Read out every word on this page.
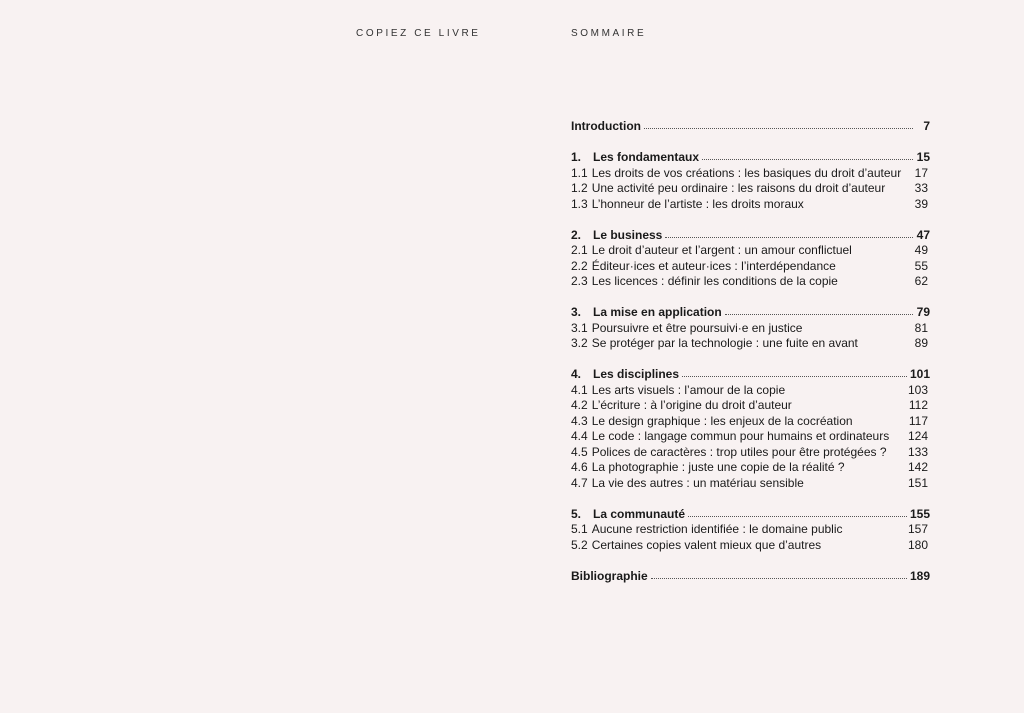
COPIEZ CE LIVRE	SOMMAIRE
Introduction	7
1. Les fondamentaux	15
1.1 Les droits de vos créations : les basiques du droit d’auteur 17
1.2 Une activité peu ordinaire : les raisons du droit d’auteur 33
1.3 L’honneur de l’artiste : les droits moraux	39
2. Le business	47
2.1 Le droit d’auteur et l’argent : un amour conflictuel	49
2.2 Éditeur·ices et auteur·ices : l’interdépendance	55
2.3 Les licences : définir les conditions de la copie	62
3. La mise en application	79
3.1 Poursuivre et être poursuivi·e en justice	81
3.2 Se protéger par la technologie : une fuite en avant	89
4. Les disciplines	101
4.1 Les arts visuels : l’amour de la copie	103
4.2 L’écriture : à l’origine du droit d’auteur	112
4.3 Le design graphique : les enjeux de la cocréation	117
4.4 Le code : langage commun pour humains et ordinateurs 124
4.5 Polices de caractères : trop utiles pour être protégées ? 133
4.6 La photographie : juste une copie de la réalité ?	142
4.7 La vie des autres : un matériau sensible	151
5. La communauté	155
5.1 Aucune restriction identifiée : le domaine public	157
5.2 Certaines copies valent mieux que d’autres	180
Bibliographie	189
